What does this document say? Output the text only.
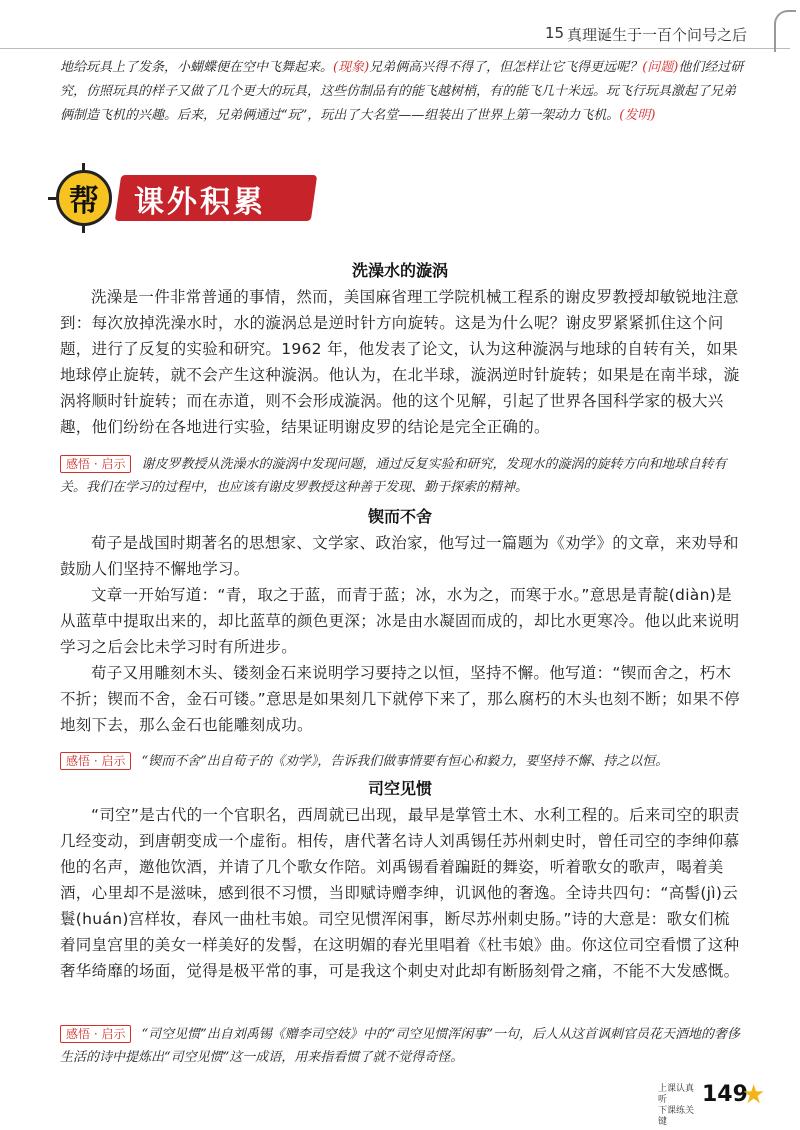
15 真理诞生于一百个问号之后
地给玩具上了发条，小蝴蝶便在空中飞舞起来。(现象)兄弟俩高兴得不得了，但怎样让它飞得更远呢？(问题)他们经过研究，仿照玩具的样子又做了几个更大的玩具，这些仿制品有的能飞越树梢，有的能飞几十米远。玩飞行玩具激起了兄弟俩制造飞机的兴趣。后来，兄弟俩通过“玩”，玩出了大名堂——组装出了世界上第一架动力飞机。(发明)
帮	课外积累
洗澡水的漩涡

洗澡是一件非常普通的事情，然而，美国麻省理工学院机械工程系的谢皮罗教授却敏锐地注意到：每次放掉洗澡水时，水的漩涡总是逆时针方向旋转。这是为什么呢？谢皮罗紧紧抓住这个问题，进行了反复的实验和研究。1962 年，他发表了论文，认为这种漩涡与地球的自转有关，如果地球停止旋转，就不会产生这种漩涡。他认为，在北半球，漩涡逆时针旋转；如果是在南半球，漩涡将顺时针旋转；而在赤道，则不会形成漩涡。他的这个见解，引起了世界各国科学家的极大兴趣，他们纷纷在各地进行实验，结果证明谢皮罗的结论是完全正确的。

感悟 · 启示 谢皮罗教授从洗澡水的漩涡中发现问题，通过反复实验和研究，发现水的漩涡的旋转方向和地球自转有关。我们在学习的过程中，也应该有谢皮罗教授这种善于发现、勤于探索的精神。
锲而不舍

荀子是战国时期著名的思想家、文学家、政治家，他写过一篇题为《劝学》的文章，来劝导和鼓励人们坚持不懈地学习。

文章一开始写道：“青，取之于蓝，而青于蓝；冰，水为之，而寒于水。”意思是青靛(diàn)是从蓝草中提取出来的，却比蓝草的颜色更深；冰是由水凝固而成的，却比水更寒冷。他以此来说明学习之后会比未学习时有所进步。

荀子又用雕刻木头、镂刻金石来说明学习要持之以恒，坚持不懈。他写道：“锲而舍之，朽木不折；锲而不舍，金石可镂。”意思是如果刻几下就停下来了，那么腐朽的木头也刻不断；如果不停地刻下去，那么金石也能雕刻成功。

感悟 · 启示 “锲而不舍”出自荀子的《劝学》，告诉我们做事情要有恒心和毅力，要坚持不懈、持之以恒。
司空见惯

“司空”是古代的一个官职名，西周就已出现，最早是掌管土木、水利工程的。后来司空的职责几经变动，到唐朝变成一个虚衔。相传，唐代著名诗人刘禹锡任苏州刺史时，曾任司空的李绅仰慕他的名声，邀他饮酒，并请了几个歌女作陪。刘禹锡看着蹁跹的舞姿，听着歌女的歌声，喝着美酒，心里却不是滋味，感到很不习惯，当即赋诗赠李绅，讥讽他的奢逸。全诗共四句：“高髻(jì)云鬟(huán)宫样妆，春风一曲杜韦娘。司空见惯浑闲事，断尽苏州刺史肠。”诗的大意是：歌女们梳着同皇宫里的美女一样美好的发髻，在这明媚的春光里唱着《杜韦娘》曲。你这位司空看惯了这种奢华绮靡的场面，觉得是极平常的事，可是我这个刺史对此却有断肠刻骨之痛，不能不大发感慨。

感悟 · 启示 “司空见惯”出自刘禹锡《赠李司空妓》中的“司空见惯浑闲事”一句，后人从这首讽刺官员花天酒地的奢侈生活的诗中提炼出“司空见惯”这一成语，用来指看惯了就不觉得奇怪。
上课认真听
下课练关键
149
★
